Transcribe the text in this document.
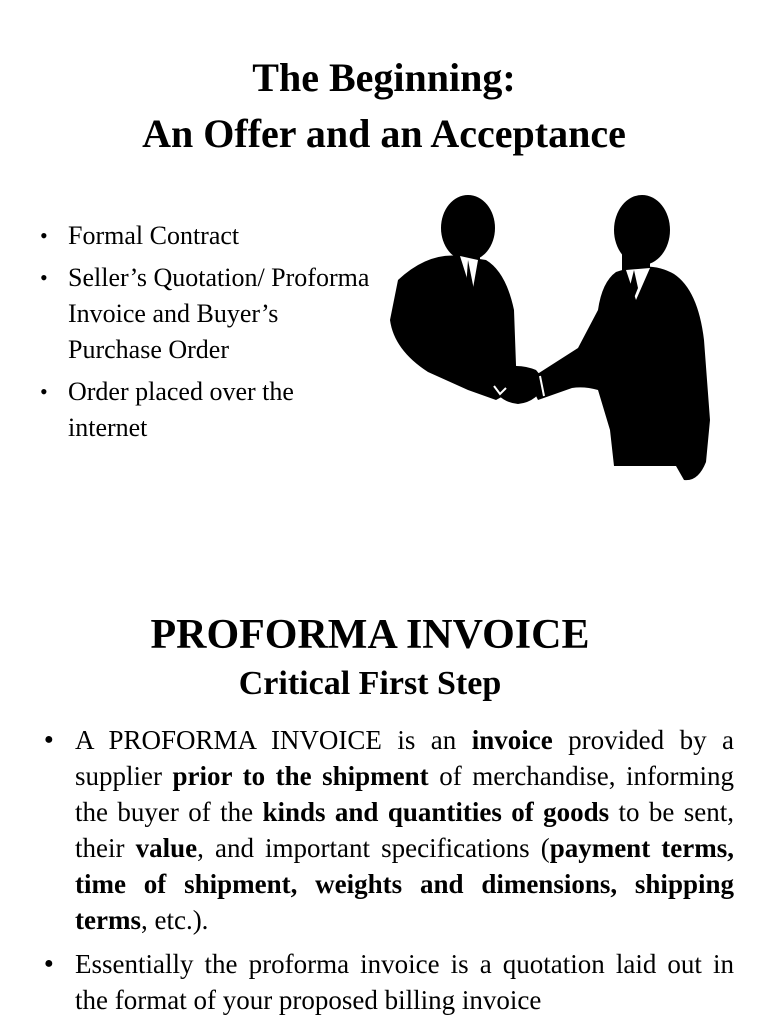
The Beginning:
An Offer and an Acceptance
• Formal Contract
• Seller’s Quotation/ Proforma Invoice and Buyer’s Purchase Order
• Order placed over the internet
PROFORMA INVOICE
Critical First Step
● A PROFORMA INVOICE is an invoice provided by a supplier prior to the shipment of merchandise, informing the buyer of the kinds and quantities of goods to be sent, their value, and important specifications (payment terms, time of shipment, weights and dimensions, shipping terms, etc.).
● Essentially the proforma invoice is a quotation laid out in the format of your proposed billing invoice
